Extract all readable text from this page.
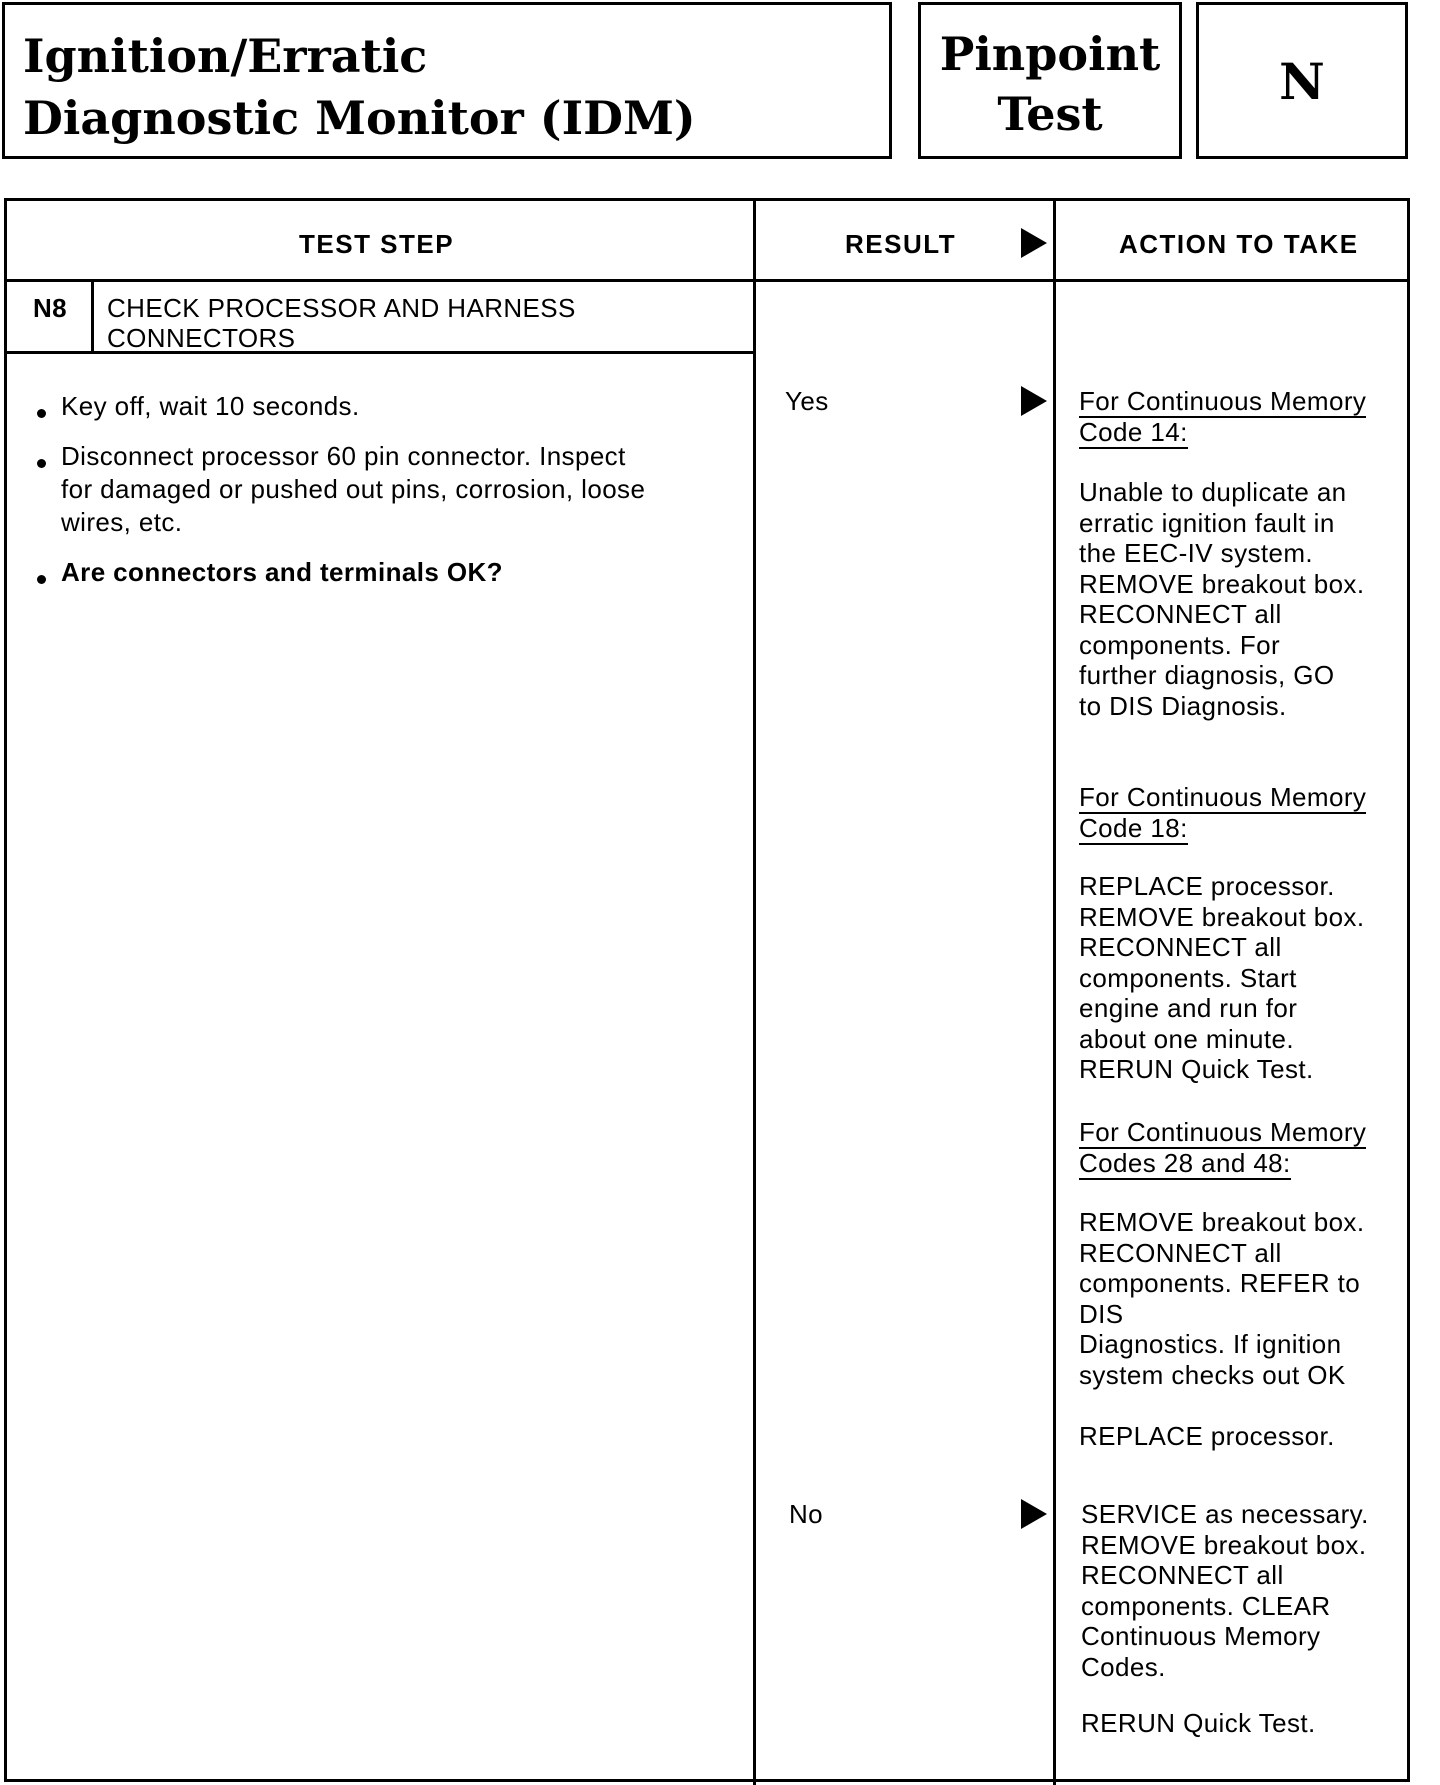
Ignition/Erratic
Diagnostic Monitor (IDM)
Pinpoint
Test
N
TEST STEP	RESULT	ACTION TO TAKE
N8 CHECK PROCESSOR AND HARNESS
CONNECTORS
Key off, wait 10 seconds.
Disconnect processor 60 pin connector. Inspect
for damaged or pushed out pins, corrosion, loose
wires, etc.
Are connectors and terminals OK?
Yes
No
For Continuous Memory
Code 14:
Unable to duplicate an
erratic ignition fault in
the EEC-IV system.
REMOVE breakout box.
RECONNECT all
components. For
further diagnosis, GO
to DIS Diagnosis.
For Continuous Memory
Code 18:
REPLACE processor.
REMOVE breakout box.
RECONNECT all
components. Start
engine and run for
about one minute.
RERUN Quick Test.
For Continuous Memory
Codes 28 and 48:
REMOVE breakout box.
RECONNECT all
components. REFER to
DIS
Diagnostics. If ignition
system checks out OK
REPLACE processor.
SERVICE as necessary.
REMOVE breakout box.
RECONNECT all
components. CLEAR
Continuous Memory
Codes.
RERUN Quick Test.
